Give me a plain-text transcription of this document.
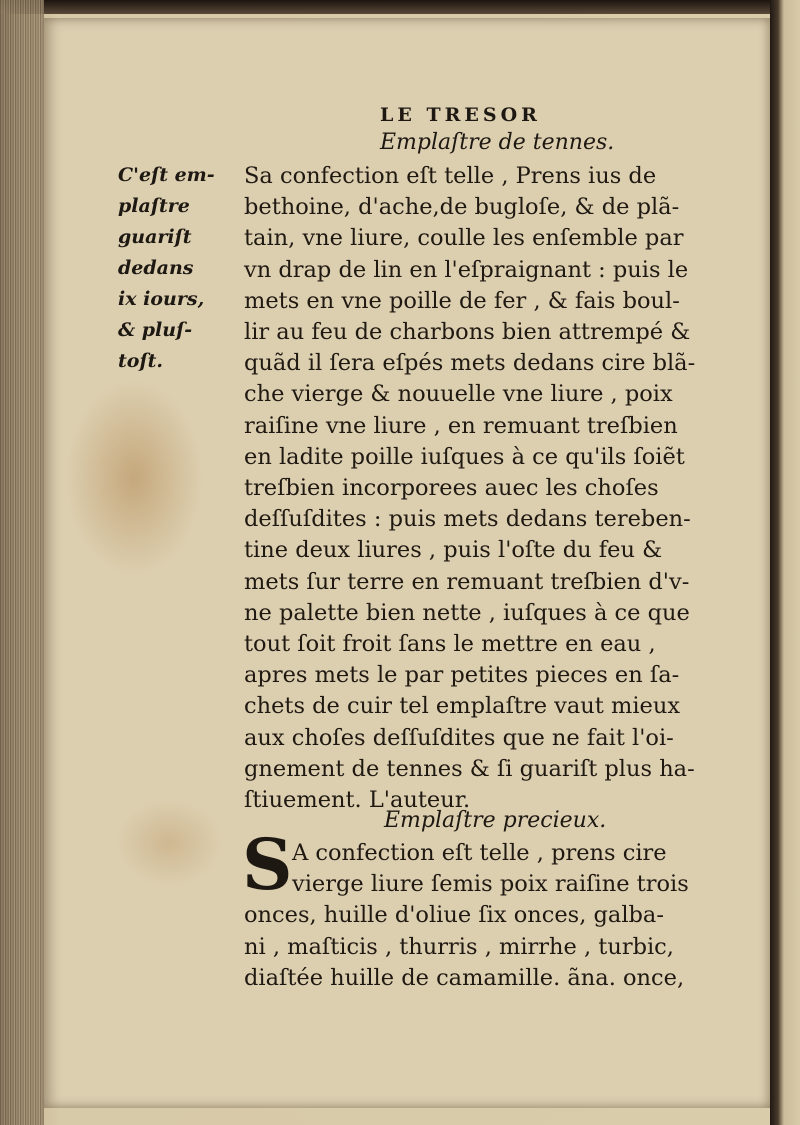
LE TRESOR
Emplaſtre de tennes.
C'eſt em-
plaſtre
guariſt
dedans
ix iours,
& pluſ-
toſt.
Sa confection eſt telle , Prens ius de
bethoine, d'ache,de bugloſe, & de plã-
tain, vne liure, coulle les enſemble par
vn drap de lin en l'eſpraignant : puis le
mets en vne poille de fer , & fais boul-
lir au feu de charbons bien attrempé &
quãd il ſera eſpés mets dedans cire blã-
che vierge & nouuelle vne liure , poix
raiſine vne liure , en remuant treſbien
en ladite poille iuſques à ce qu'ils ſoiẽt
treſbien incorporees auec les choſes
deſſuſdites : puis mets dedans tereben-
tine deux liures , puis l'oſte du feu &
mets ſur terre en remuant treſbien d'v-
ne palette bien nette , iuſques à ce que
tout ſoit froit ſans le mettre en eau ,
apres mets le par petites pieces en ſa-
chets de cuir tel emplaſtre vaut mieux
aux choſes deſſuſdites que ne fait l'oi-
gnement de tennes & ſi guariſt plus ha-
ſtiuement. L'auteur.
Emplaſtre precieux.
S A confection eſt telle , prens cire
vierge liure ſemis poix raiſine trois
onces, huille d'oliue ſix onces, galba-
ni , maſticis , thurris , mirrhe , turbic,
diaſtée huille de camamille. ãna. once,
